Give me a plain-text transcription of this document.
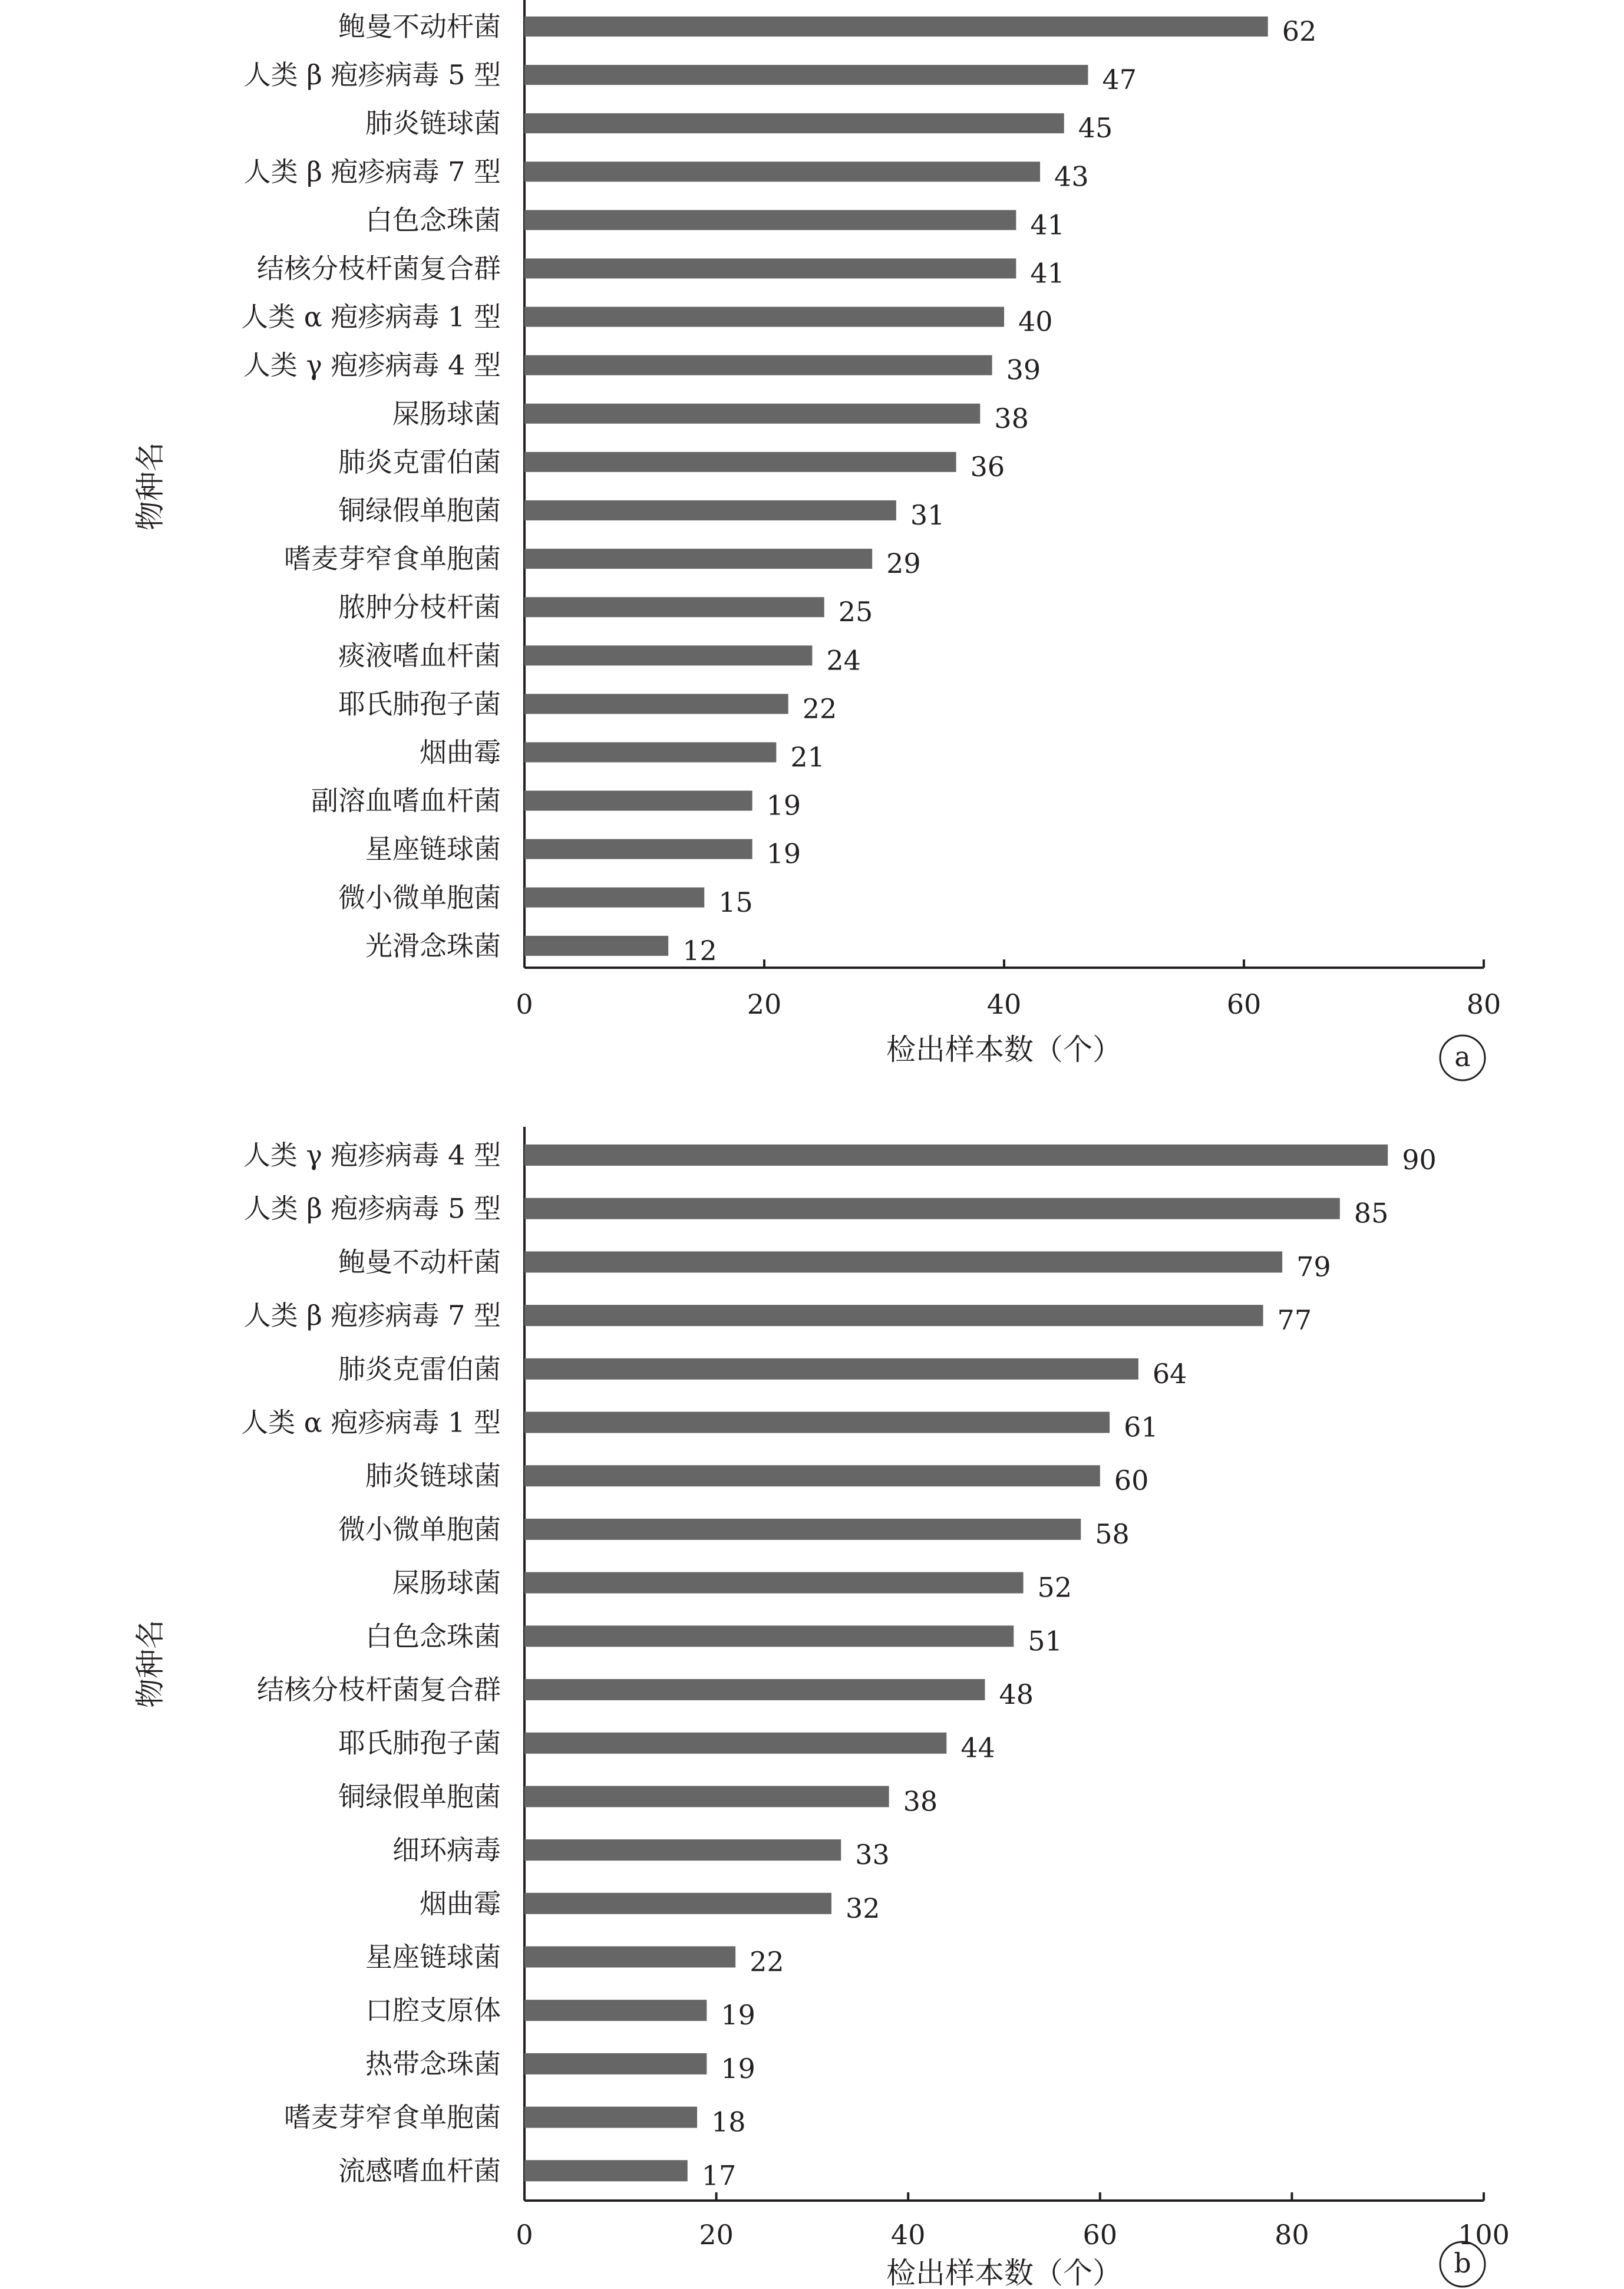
0	20	40	60	80
鲍曼不动杆菌	62
人类 β 疱疹病毒 5 型	47
肺炎链球菌	45
人类 β 疱疹病毒 7 型	43
白色念珠菌	41
结核分枝杆菌复合群	41
人类 α 疱疹病毒 1 型	40
人类 γ 疱疹病毒 4 型	39
屎肠球菌	38
肺炎克雷伯菌	36
铜绿假单胞菌	31
嗜麦芽窄食单胞菌	29
脓肿分枝杆菌	25
痰液嗜血杆菌	24
耶氏肺孢子菌	22
烟曲霉	21
副溶血嗜血杆菌	19
星座链球菌	19
微小微单胞菌	15
光滑念珠菌	12
检出样本数（个）
物种名
a
0	20	40	60	80	100
人类 γ 疱疹病毒 4 型	90
人类 β 疱疹病毒 5 型	85
鲍曼不动杆菌	79
人类 β 疱疹病毒 7 型	77
肺炎克雷伯菌	64
人类 α 疱疹病毒 1 型	61
肺炎链球菌	60
微小微单胞菌	58
屎肠球菌	52
白色念珠菌	51
结核分枝杆菌复合群	48
耶氏肺孢子菌	44
铜绿假单胞菌	38
细环病毒	33
烟曲霉	32
星座链球菌	22
口腔支原体	19
热带念珠菌	19
嗜麦芽窄食单胞菌	18
流感嗜血杆菌	17
检出样本数（个）
物种名
b
